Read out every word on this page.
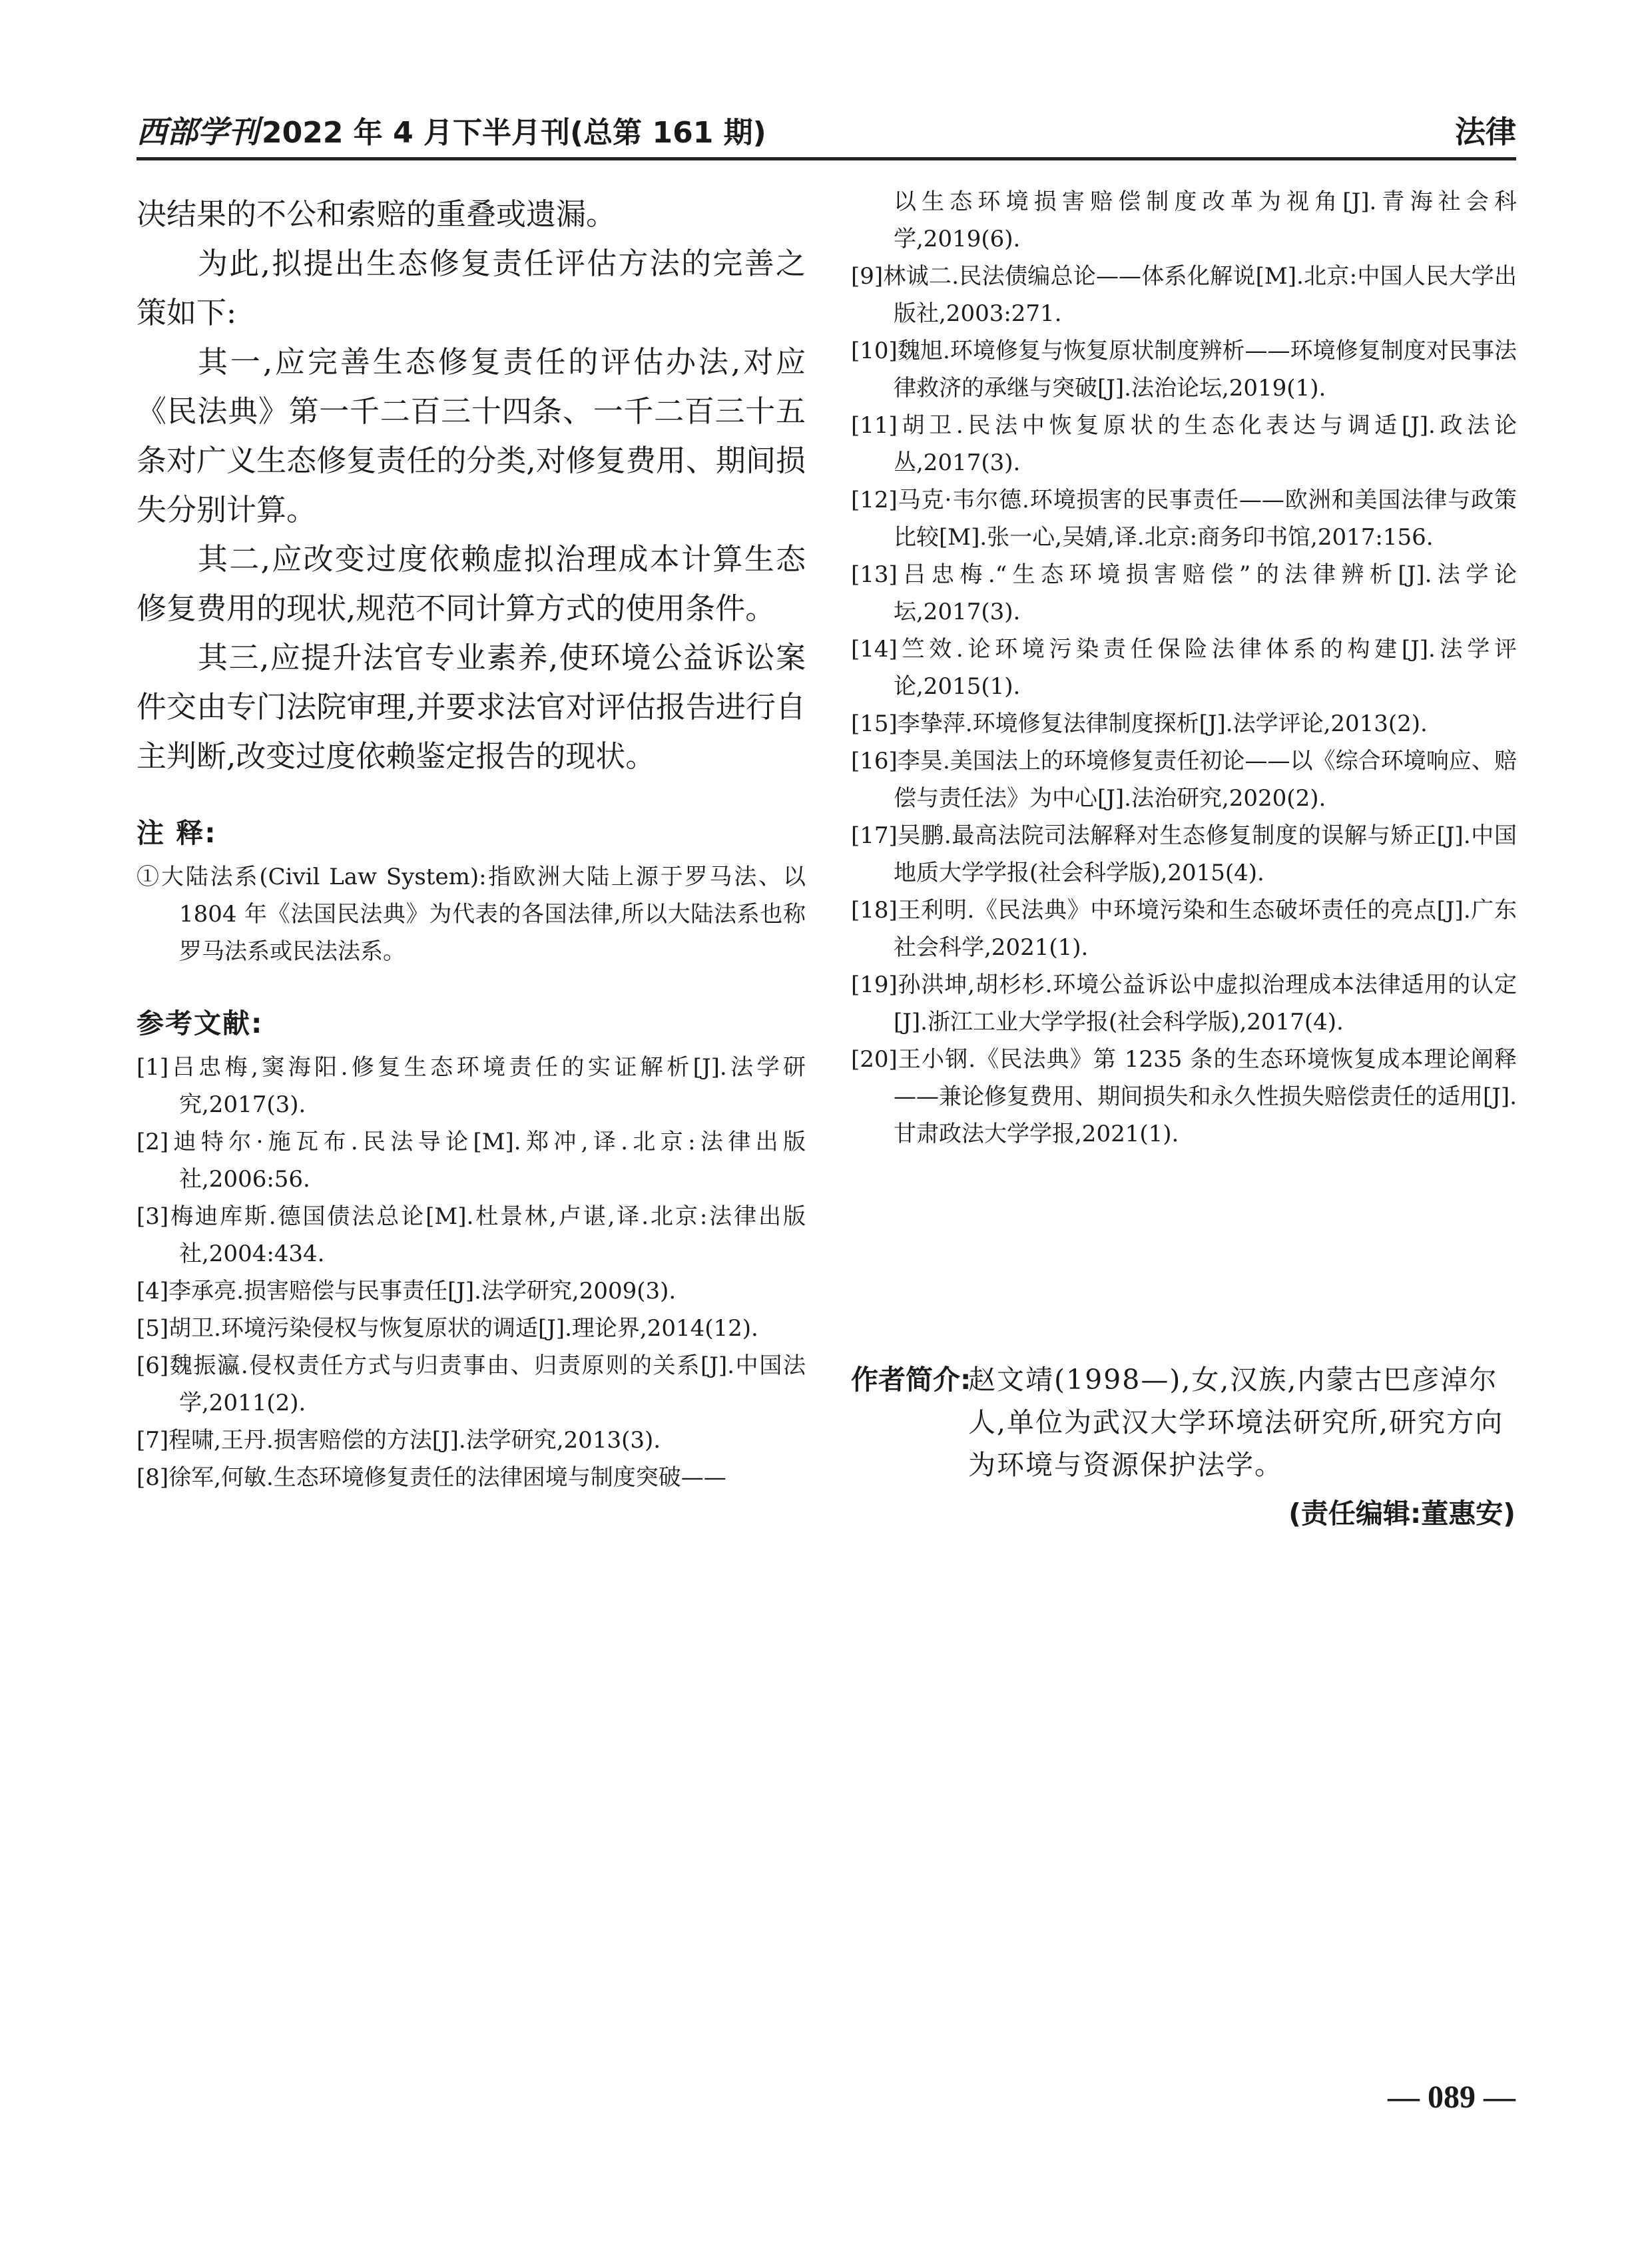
西部学刊2022 年 4 月下半月刊(总第 161 期)	法律

决结果的不公和索赔的重叠或遗漏。

为此,拟提出生态修复责任评估方法的完善之策如下:

其一,应完善生态修复责任的评估办法,对应《民法典》第一千二百三十四条、一千二百三十五条对广义生态修复责任的分类,对修复费用、期间损失分别计算。

其二,应改变过度依赖虚拟治理成本计算生态修复费用的现状,规范不同计算方式的使用条件。

其三,应提升法官专业素养,使环境公益诉讼案件交由专门法院审理,并要求法官对评估报告进行自主判断,改变过度依赖鉴定报告的现状。

注 释:

①大陆法系(Civil Law System):指欧洲大陆上源于罗马法、以1804 年《法国民法典》为代表的各国法律,所以大陆法系也称罗马法系或民法法系。

参考文献:

[1]吕忠梅,窦海阳.修复生态环境责任的实证解析[J].法学研究,2017(3).

[2]迪特尔·施瓦布.民法导论[M].郑冲,译.北京:法律出版社,2006:56.

[3]梅迪库斯.德国债法总论[M].杜景林,卢谌,译.北京:法律出版社,2004:434.

[4]李承亮.损害赔偿与民事责任[J].法学研究,2009(3).

[5]胡卫.环境污染侵权与恢复原状的调适[J].理论界,2014(12).

[6]魏振瀛.侵权责任方式与归责事由、归责原则的关系[J].中国法学,2011(2).

[7]程啸,王丹.损害赔偿的方法[J].法学研究,2013(3).

[8]徐军,何敏.生态环境修复责任的法律困境与制度突破——

以生态环境损害赔偿制度改革为视角[J].青海社会科学,2019(6).

[9]林诚二.民法债编总论——体系化解说[M].北京:中国人民大学出版社,2003:271.

[10]魏旭.环境修复与恢复原状制度辨析——环境修复制度对民事法律救济的承继与突破[J].法治论坛,2019(1).

[11]胡卫.民法中恢复原状的生态化表达与调适[J].政法论丛,2017(3).

[12]马克·韦尔德.环境损害的民事责任——欧洲和美国法律与政策比较[M].张一心,吴婧,译.北京:商务印书馆,2017:156.

[13]吕忠梅.“生态环境损害赔偿”的法律辨析[J].法学论坛,2017(3).

[14]竺效.论环境污染责任保险法律体系的构建[J].法学评论,2015(1).

[15]李挚萍.环境修复法律制度探析[J].法学评论,2013(2).

[16]李昊.美国法上的环境修复责任初论——以《综合环境响应、赔偿与责任法》为中心[J].法治研究,2020(2).

[17]吴鹏.最高法院司法解释对生态修复制度的误解与矫正[J].中国地质大学学报(社会科学版),2015(4).

[18]王利明.《民法典》中环境污染和生态破坏责任的亮点[J].广东社会科学,2021(1).

[19]孙洪坤,胡杉杉.环境公益诉讼中虚拟治理成本法律适用的认定[J].浙江工业大学学报(社会科学版),2017(4).

[20]王小钢.《民法典》第 1235 条的生态环境恢复成本理论阐释——兼论修复费用、期间损失和永久性损失赔偿责任的适用[J].甘肃政法大学学报,2021(1).

作者简介:
赵文靖(1998—),女,汉族,内蒙古巴彦淖尔人,单位为武汉大学环境法研究所,研究方向为环境与资源保护法学。
(责任编辑:董惠安)
— 089 —
